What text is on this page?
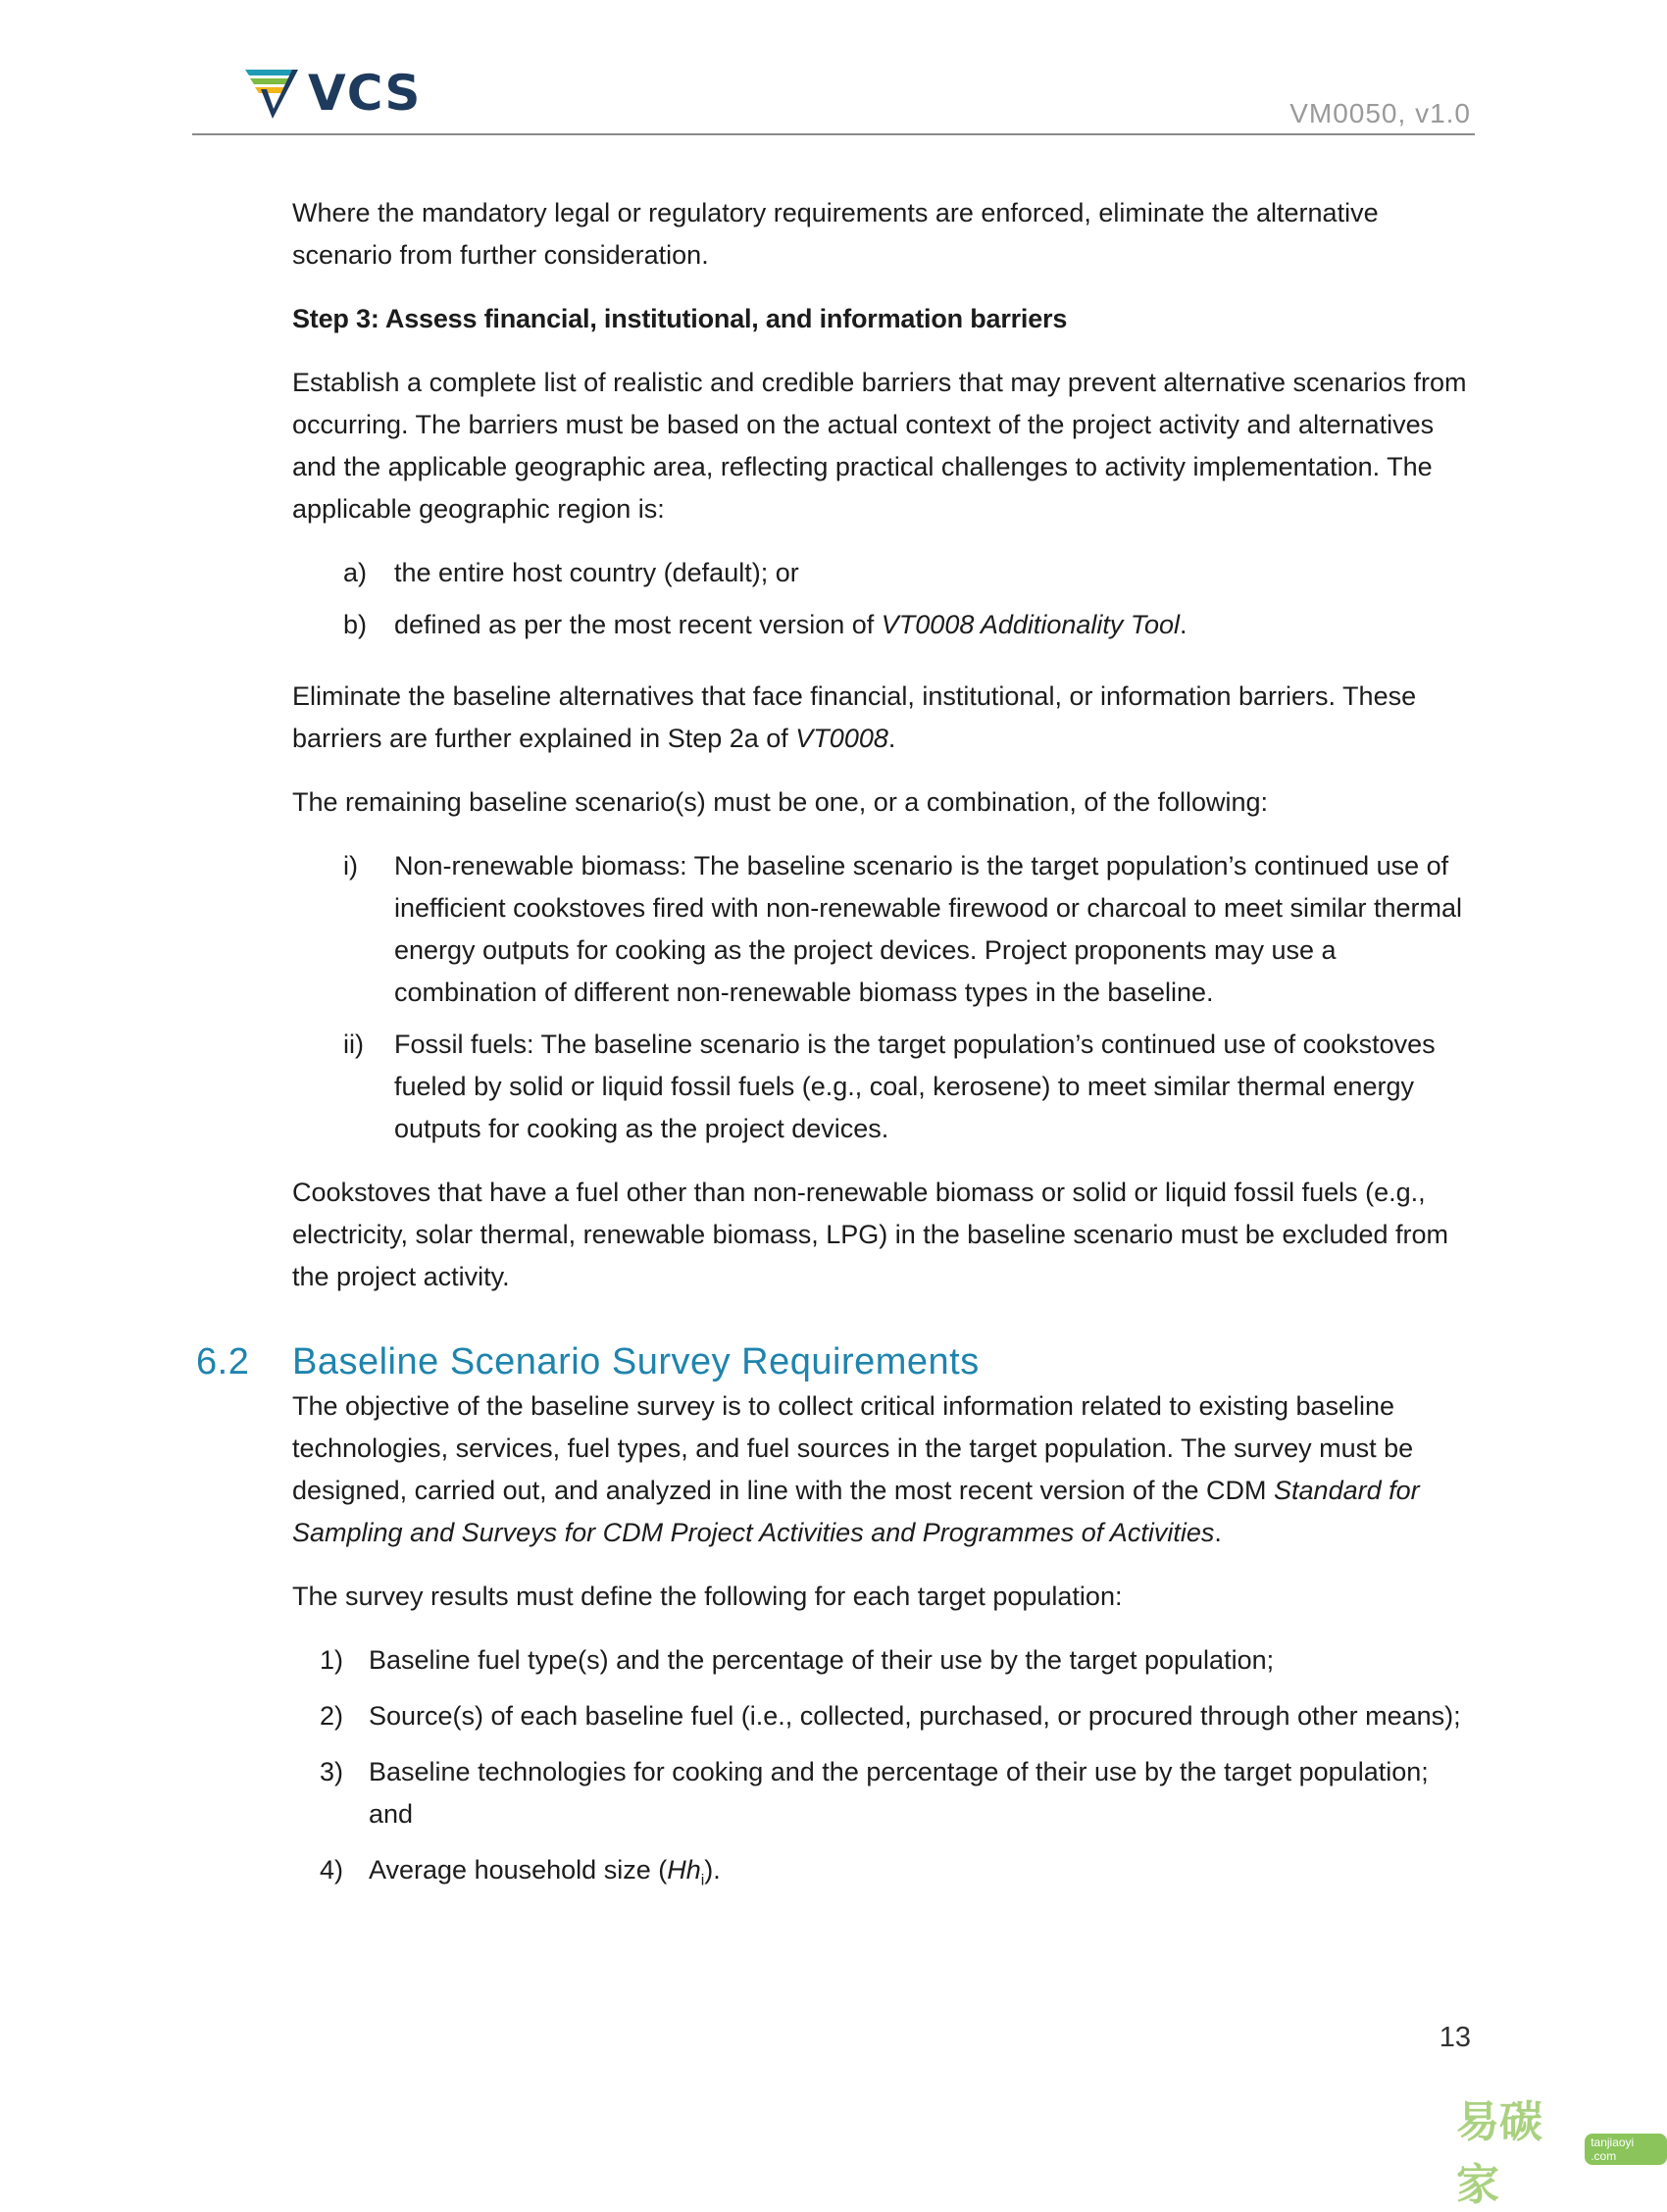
VCS	VM0050, v1.0

Where the mandatory legal or regulatory requirements are enforced, eliminate the alternative scenario from further consideration.

Step 3: Assess financial, institutional, and information barriers

Establish a complete list of realistic and credible barriers that may prevent alternative scenarios from occurring. The barriers must be based on the actual context of the project activity and alternatives and the applicable geographic area, reflecting practical challenges to activity implementation. The applicable geographic region is:

a)	the entire host country (default); or
b)	defined as per the most recent version of VT0008 Additionality Tool.

Eliminate the baseline alternatives that face financial, institutional, or information barriers. These barriers are further explained in Step 2a of VT0008.

The remaining baseline scenario(s) must be one, or a combination, of the following:

i)	Non-renewable biomass: The baseline scenario is the target population’s continued use of inefficient cookstoves fired with non-renewable firewood or charcoal to meet similar thermal energy outputs for cooking as the project devices. Project proponents may use a combination of different non-renewable biomass types in the baseline.
ii)	Fossil fuels: The baseline scenario is the target population’s continued use of cookstoves fueled by solid or liquid fossil fuels (e.g., coal, kerosene) to meet similar thermal energy outputs for cooking as the project devices.

Cookstoves that have a fuel other than non-renewable biomass or solid or liquid fossil fuels (e.g., electricity, solar thermal, renewable biomass, LPG) in the baseline scenario must be excluded from the project activity.

6.2	Baseline Scenario Survey Requirements

The objective of the baseline survey is to collect critical information related to existing baseline technologies, services, fuel types, and fuel sources in the target population. The survey must be designed, carried out, and analyzed in line with the most recent version of the CDM Standard for Sampling and Surveys for CDM Project Activities and Programmes of Activities.

The survey results must define the following for each target population:

1) Baseline fuel type(s) and the percentage of their use by the target population;
2) Source(s) of each baseline fuel (i.e., collected, purchased, or procured through other means);
3) Baseline technologies for cooking and the percentage of their use by the target population; and
4) Average household size $(Hh_i)$.
13
易碳家
tanjiaoyi .com
